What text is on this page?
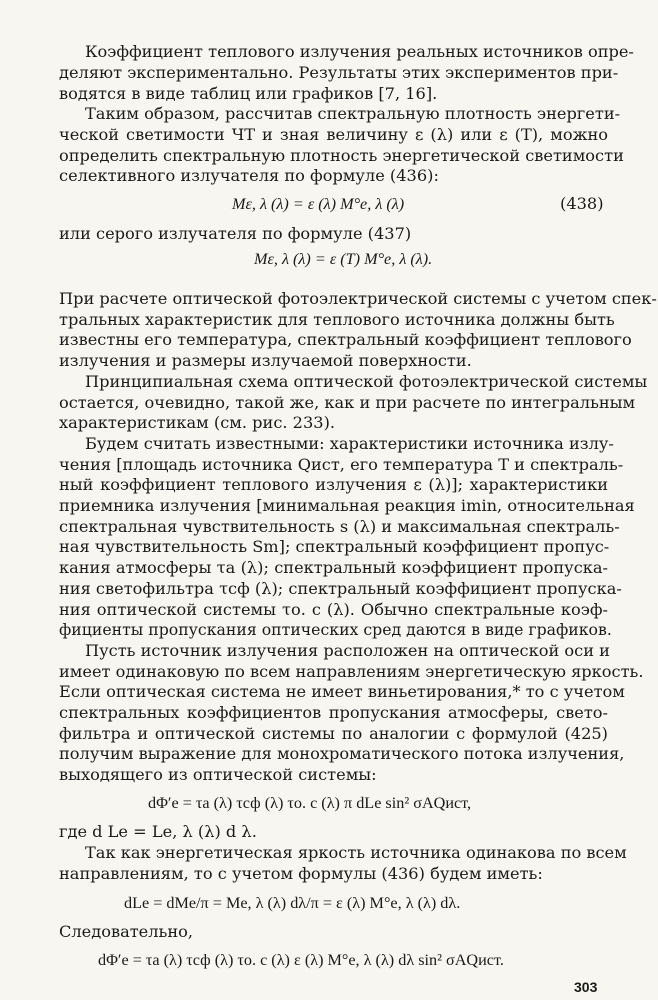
Коэффициент теплового излучения реальных источников опре-
деляют экспериментально. Результаты этих экспериментов при-
водятся в виде таблиц или графиков [7, 16].
Таким образом, рассчитав спектральную плотность энергети-
ческой светимости ЧТ и зная величину ε (λ) или ε (T), можно
определить спектральную плотность энергетической светимости
селективного излучателя по формуле (436):
Mε, λ (λ) = ε (λ) M°e, λ (λ)	(438)
или серого излучателя по формуле (437)
Mε, λ (λ) = ε (T) M°e, λ (λ).
При расчете оптической фотоэлектрической системы с учетом спек-
тральных характеристик для теплового источника должны быть
известны его температура, спектральный коэффициент теплового
излучения и размеры излучаемой поверхности.
Принципиальная схема оптической фотоэлектрической системы
остается, очевидно, такой же, как и при расчете по интегральным
характеристикам (см. рис. 233).
Будем считать известными: характеристики источника излу-
чения [площадь источника Qист, его температура T и спектраль-
ный коэффициент теплового излучения ε (λ)]; характеристики
приемника излучения [минимальная реакция imin, относительная
спектральная чувствительность s (λ) и максимальная спектраль-
ная чувствительность Sm]; спектральный коэффициент пропус-
кания атмосферы τа (λ); спектральный коэффициент пропуска-
ния светофильтра τсф (λ); спектральный коэффициент пропуска-
ния оптической системы τо. с (λ). Обычно спектральные коэф-
фициенты пропускания оптических сред даются в виде графиков.
Пусть источник излучения расположен на оптической оси и
имеет одинаковую по всем направлениям энергетическую яркость.
Если оптическая система не имеет виньетирования,* то с учетом
спектральных коэффициентов пропускания атмосферы, свето-
фильтра и оптической системы по аналогии с формулой (425)
получим выражение для монохроматического потока излучения,
выходящего из оптической системы:
dΦ′e = τа (λ) τсф (λ) τо. с (λ) π dLe sin² σAQист,
где d Le = Le, λ (λ) d λ.
Так как энергетическая яркость источника одинакова по всем
направлениям, то с учетом формулы (436) будем иметь:
dLe = dMe/π = Me, λ (λ) dλ/π = ε (λ) M°e, λ (λ) dλ.
Следовательно,
dΦ′e = τа (λ) τсф (λ) τо. с (λ) ε (λ) M°e, λ (λ) dλ sin² σAQист.
303
